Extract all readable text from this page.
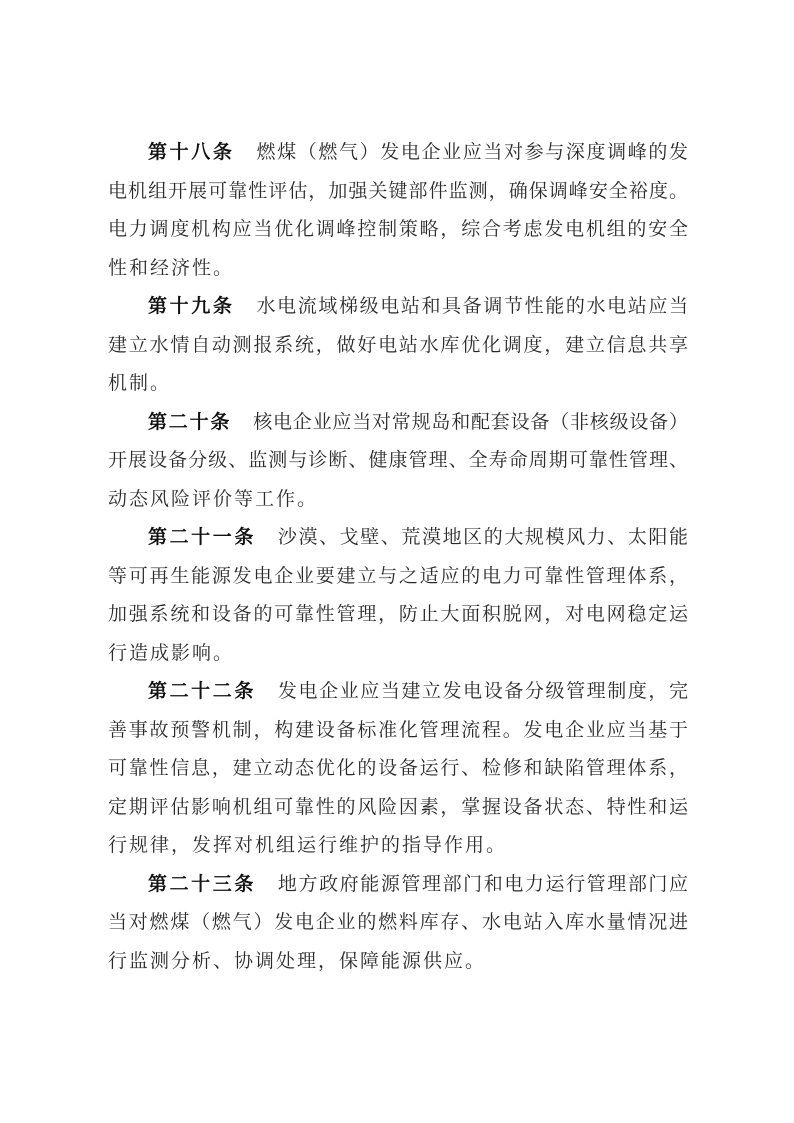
第十八条 燃煤（燃气）发电企业应当对参与深度调峰的发
电机组开展可靠性评估，加强关键部件监测，确保调峰安全裕度。
电力调度机构应当优化调峰控制策略，综合考虑发电机组的安全
性和经济性。
第十九条 水电流域梯级电站和具备调节性能的水电站应当
建立水情自动测报系统，做好电站水库优化调度，建立信息共享
机制。
第二十条 核电企业应当对常规岛和配套设备（非核级设备）
开展设备分级、监测与诊断、健康管理、全寿命周期可靠性管理、
动态风险评价等工作。
第二十一条 沙漠、戈壁、荒漠地区的大规模风力、太阳能
等可再生能源发电企业要建立与之适应的电力可靠性管理体系，
加强系统和设备的可靠性管理，防止大面积脱网，对电网稳定运
行造成影响。
第二十二条 发电企业应当建立发电设备分级管理制度，完
善事故预警机制，构建设备标准化管理流程。发电企业应当基于
可靠性信息，建立动态优化的设备运行、检修和缺陷管理体系，
定期评估影响机组可靠性的风险因素，掌握设备状态、特性和运
行规律，发挥对机组运行维护的指导作用。
第二十三条 地方政府能源管理部门和电力运行管理部门应
当对燃煤（燃气）发电企业的燃料库存、水电站入库水量情况进
行监测分析、协调处理，保障能源供应。
